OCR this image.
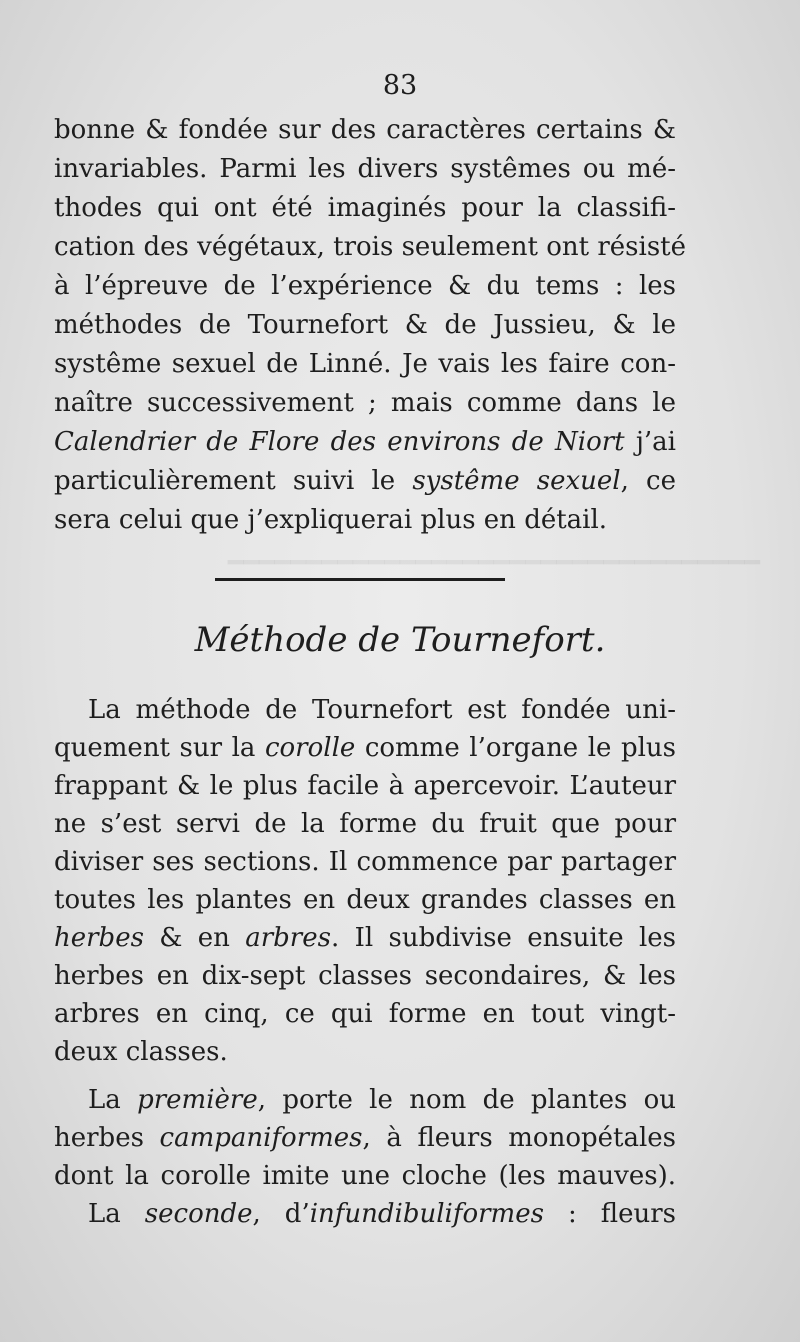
━━━━━━━━━━━━━━━━━━━━━━━━━━━━━━━━━━
83
bonne & fondée sur des caractères certains &
invariables. Parmi les divers systêmes ou mé-
thodes qui ont été imaginés pour la classifi-
cation des végétaux, trois seulement ont résisté
à l’épreuve de l’expérience & du tems : les
méthodes de Tournefort & de Jussieu, & le
systême sexuel de Linné. Je vais les faire con-
naître successivement ; mais comme dans le
Calendrier de Flore des environs de Niort j’ai
particulièrement suivi le systême sexuel, ce
sera celui que j’expliquerai plus en détail.
Méthode de Tournefort.
La méthode de Tournefort est fondée uni-
quement sur la corolle comme l’organe le plus
frappant & le plus facile à apercevoir. L’auteur
ne s’est servi de la forme du fruit que pour
diviser ses sections. Il commence par partager
toutes les plantes en deux grandes classes en
herbes & en arbres. Il subdivise ensuite les
herbes en dix-sept classes secondaires, & les
arbres en cinq, ce qui forme en tout vingt-
deux classes.
La première, porte le nom de plantes ou
herbes campaniformes, à fleurs monopétales
dont la corolle imite une cloche (les mauves).
La seconde, d’infundibuliformes : fleurs
